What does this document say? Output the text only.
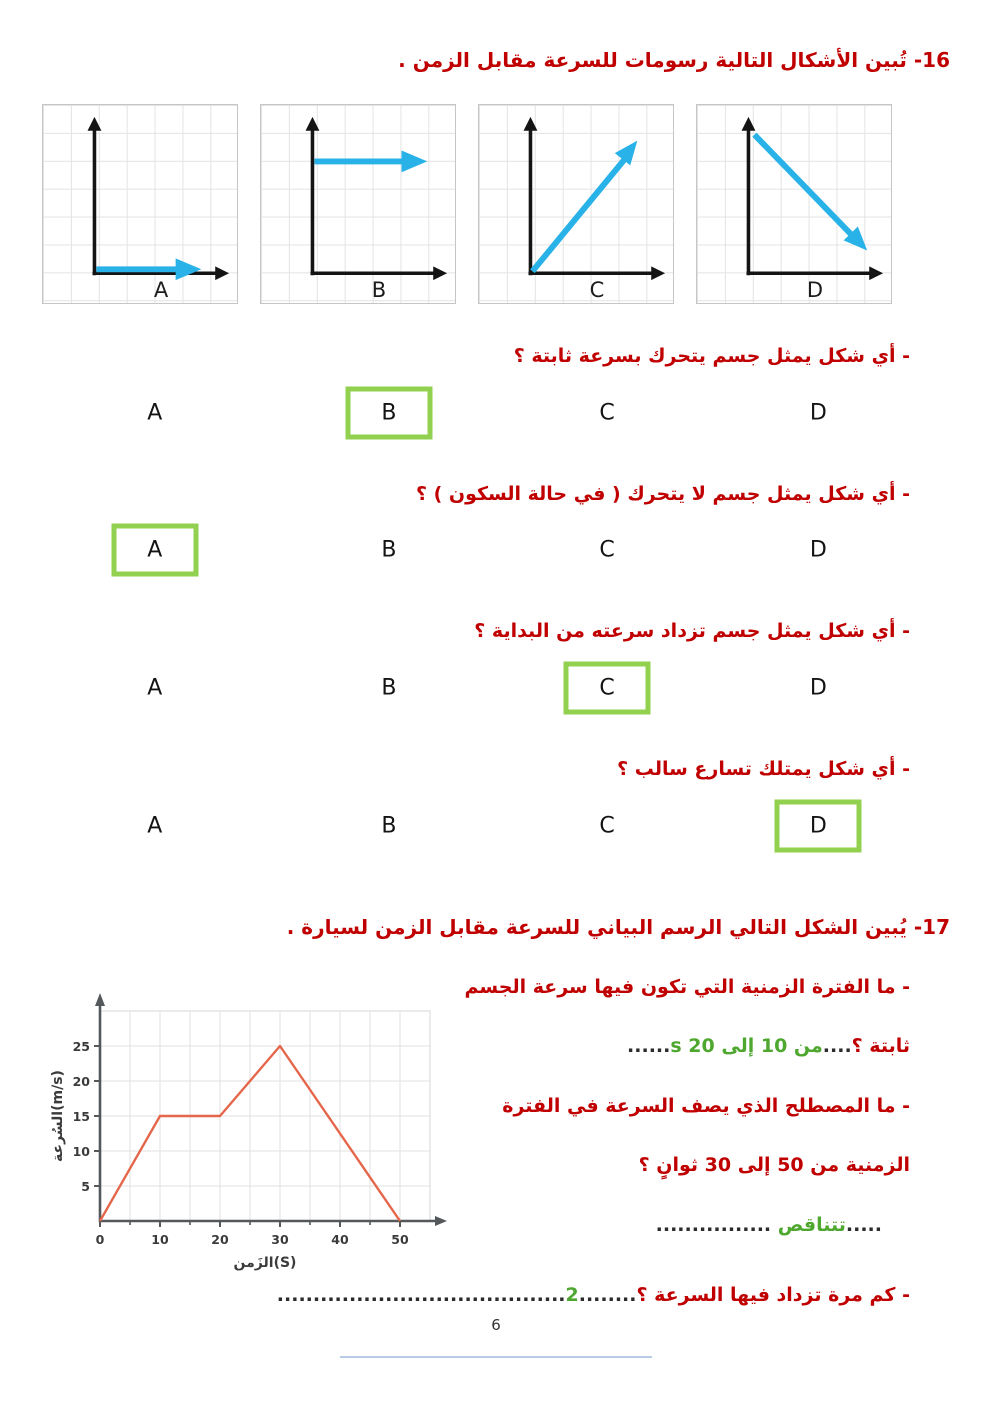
16- تُبين الأشكال التالية رسومات للسرعة مقابل الزمن .
A	B	C	D
- أي شكل يمثل جسم يتحرك بسرعة ثابتة ؟
A	B	C	D
- أي شكل يمثل جسم لا يتحرك ( في حالة السكون ) ؟
A	B	C	D
- أي شكل يمثل جسم تزداد سرعته من البداية ؟
A	B	C	D
- أي شكل يمتلك تسارع سالب ؟
A	B	C	D
17- يُبين الشكل التالي الرسم البياني للسرعة مقابل الزمن لسيارة .
- ما الفترة الزمنية التي تكون فيها سرعة الجسم
ثابتة ؟....من 10 إلى 20 s......
- ما المصطلح الذي يصف السرعة في الفترة
الزمنية من 50 إلى 30 ثوانٍ ؟
.....تتناقص ................
0	10	20	30	40	50
5
10
15
20
25
الزَمن(S)
السُرعة(m/s)
- كم مرة تزداد فيها السرعة ؟........2........................................
6
